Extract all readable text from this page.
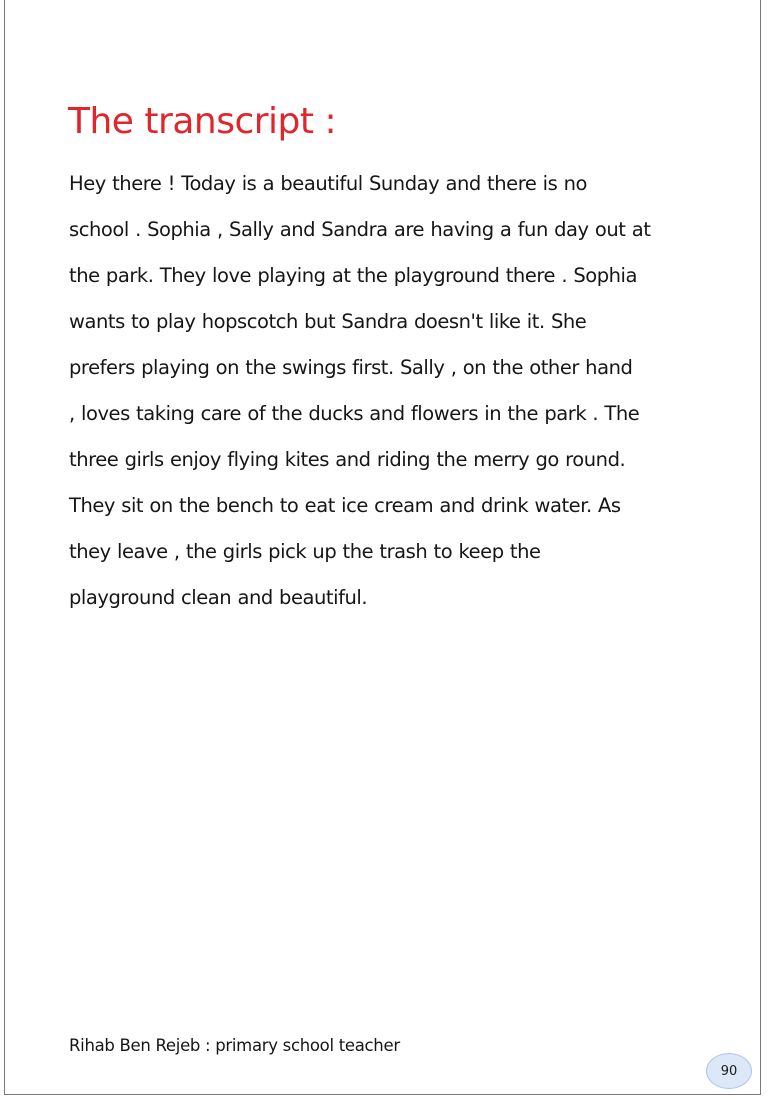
The transcript :
Hey there ! Today is a beautiful Sunday and there is no
school . Sophia , Sally and Sandra are having a fun day out at
the park. They love playing at the playground there . Sophia
wants to play hopscotch but Sandra doesn't like it. She
prefers playing on the swings first. Sally , on the other hand
, loves taking care of the ducks and flowers in the park . The
three girls enjoy flying kites and riding the merry go round.
They sit on the bench to eat ice cream and drink water. As
they leave , the girls pick up the trash to keep the
playground clean and beautiful.
Rihab Ben Rejeb : primary school teacher
90
